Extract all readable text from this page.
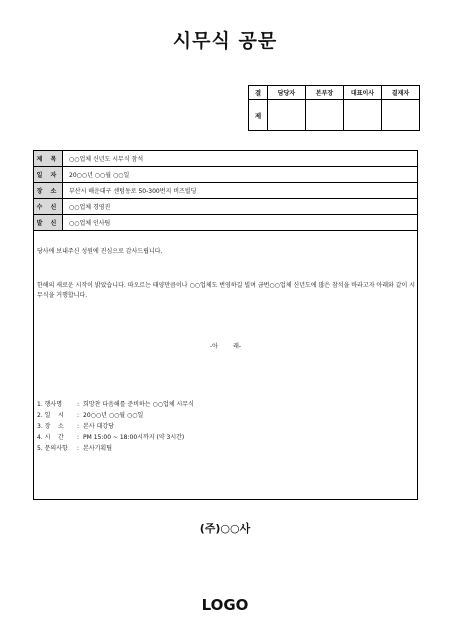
시무식 공문
결	담당자	본부장	대표이사	결재자
제				
제 목	○○업체 신년도 시무식 참석
일 자	20○○년 ○○월 ○○일
장 소	부산시 해운대구 센텀동로 50-300번지 비즈빌딩
수 신	○○업체 경영진
발 신	○○업체 인사팀
당사에 보내주신 성원에 진심으로 감사드립니다.
한해의 새로운 시작이 밝았습니다. 따오르는 태양만큼이나 ○○업체도 번영하길 빌며 금번○○업체 신년도에 많은 참석을 바라고자 아래와 같이 시무식을 거행합니다.
-아        래-
1. 행사명 : 희망찬 다음해를 준비하는 ○○업체 시무식
2. 일    시 : 20○○년 ○○월 ○○일
3. 장    소 : 본사 대강당
4. 시    간 : PM 15:00 ~ 18:00시까지 (약 3시간)
5. 문의사항 : 본사기획팀
(주)○○사
LOGO
